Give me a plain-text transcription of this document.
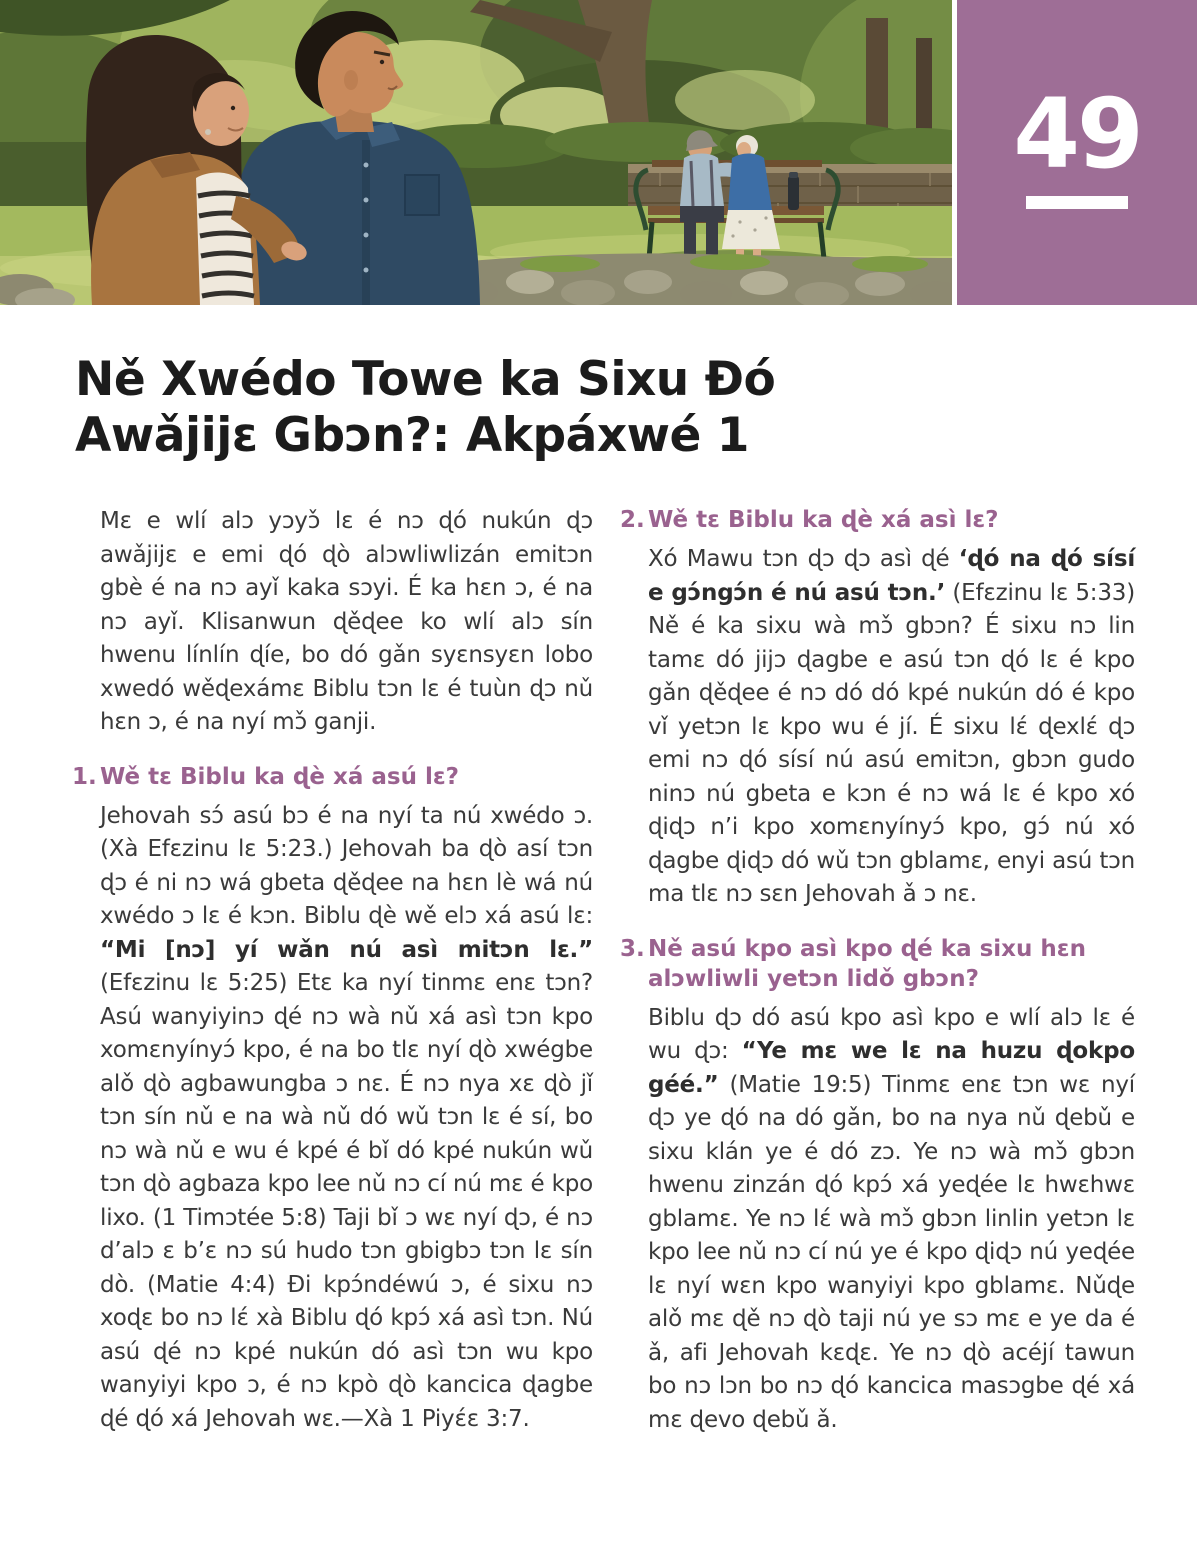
49
Ně Xwédo Towe ka Sixu Ɖó
Awǎjijɛ Gbɔn?: Akpáxwé 1

Mɛ e wlí alɔ yɔyɔ̌ lɛ é nɔ ɖó nukún ɖɔ awǎjijɛ e emi ɖó ɖò alɔwliwlizán emitɔn gbè é na nɔ ayǐ kaka sɔyi. É ka hɛn ɔ, é na nɔ ayǐ. Klisanwun ɖěɖee ko wlí alɔ sín hwenu línlín ɖíe, bo dó gǎn syɛnsyɛn lobo xwedó wěɖexámɛ Biblu tɔn lɛ é tuùn ɖɔ nǔ hɛn ɔ, é na nyí mɔ̌ ganji.

1. Wě tɛ Biblu ka ɖè xá asú lɛ?

Jehovah sɔ́ asú bɔ é na nyí ta nú xwédo ɔ. (Xà Efɛzinu lɛ 5:23.) Jehovah ba ɖò así tɔn ɖɔ é ni nɔ wá gbeta ɖěɖee na hɛn lè wá nú xwédo ɔ lɛ é kɔn. Biblu ɖè wě elɔ xá asú lɛ: “Mi [nɔ] yí wǎn nú asì mitɔn lɛ.” (Efɛzinu lɛ 5:25) Etɛ ka nyí tinmɛ enɛ tɔn? Asú wanyiyinɔ ɖé nɔ wà nǔ xá asì tɔn kpo xomɛnyínyɔ́ kpo, é na bo tlɛ nyí ɖò xwégbe alǒ ɖò agbawungba ɔ nɛ. É nɔ nya xɛ ɖò jǐ tɔn sín nǔ e na wà nǔ dó wǔ tɔn lɛ é sí, bo nɔ wà nǔ e wu é kpé é bǐ dó kpé nukún wǔ tɔn ɖò agbaza kpo lee nǔ nɔ cí nú mɛ é kpo lixo. (1 Timɔtée 5:8) Taji bǐ ɔ wɛ nyí ɖɔ, é nɔ d’alɔ ɛ b’ɛ nɔ sú hudo tɔn gbigbɔ tɔn lɛ sín dò. (Matie 4:4) Ɖi kpɔ́ndéwú ɔ, é sixu nɔ xoɖɛ bo nɔ lɛ́ xà Biblu ɖó kpɔ́ xá asì tɔn. Nú asú ɖé nɔ kpé nukún dó asì tɔn wu kpo wanyiyi kpo ɔ, é nɔ kpò ɖò kancica ɖagbe ɖé ɖó xá Jehovah wɛ.—Xà 1 Piyɛ́ɛ 3:7.

2. Wě tɛ Biblu ka ɖè xá asì lɛ?

Xó Mawu tɔn ɖɔ ɖɔ asì ɖé ‘ɖó na ɖó sísí e gɔ́ngɔ́n é nú asú tɔn.’ (Efɛzinu lɛ 5:33) Ně é ka sixu wà mɔ̌ gbɔn? É sixu nɔ lin tamɛ dó jijɔ ɖagbe e asú tɔn ɖó lɛ é kpo gǎn ɖěɖee é nɔ dó dó kpé nukún dó é kpo vǐ yetɔn lɛ kpo wu é jí. É sixu lɛ́ ɖexlɛ́ ɖɔ emi nɔ ɖó sísí nú asú emitɔn, gbɔn gudo ninɔ nú gbeta e kɔn é nɔ wá lɛ é kpo xó ɖiɖɔ n’i kpo xomɛnyínyɔ́ kpo, gɔ́ nú xó ɖagbe ɖiɖɔ dó wǔ tɔn gblamɛ, enyi asú tɔn ma tlɛ nɔ sɛn Jehovah ǎ ɔ nɛ.

3. Ně asú kpo asì kpo ɖé ka sixu hɛn alɔwliwli yetɔn lidǒ gbɔn?

Biblu ɖɔ dó asú kpo asì kpo e wlí alɔ lɛ é wu ɖɔ: “Ye mɛ we lɛ na huzu ɖokpo géé.” (Matie 19:5) Tinmɛ enɛ tɔn wɛ nyí ɖɔ ye ɖó na dó gǎn, bo na nya nǔ ɖebǔ e sixu klán ye é dó zɔ. Ye nɔ wà mɔ̌ gbɔn hwenu zinzán ɖó kpɔ́ xá yeɖée lɛ hwɛhwɛ gblamɛ. Ye nɔ lɛ́ wà mɔ̌ gbɔn linlin yetɔn lɛ kpo lee nǔ nɔ cí nú ye é kpo ɖiɖɔ nú yeɖée lɛ nyí wɛn kpo wanyiyi kpo gblamɛ. Nǔɖe alǒ mɛ ɖě nɔ ɖò taji nú ye sɔ mɛ e ye da é ǎ, afi Jehovah kɛɖɛ. Ye nɔ ɖò acéjí tawun bo nɔ lɔn bo nɔ ɖó kancica masɔgbe ɖé xá mɛ ɖevo ɖebǔ ǎ.
